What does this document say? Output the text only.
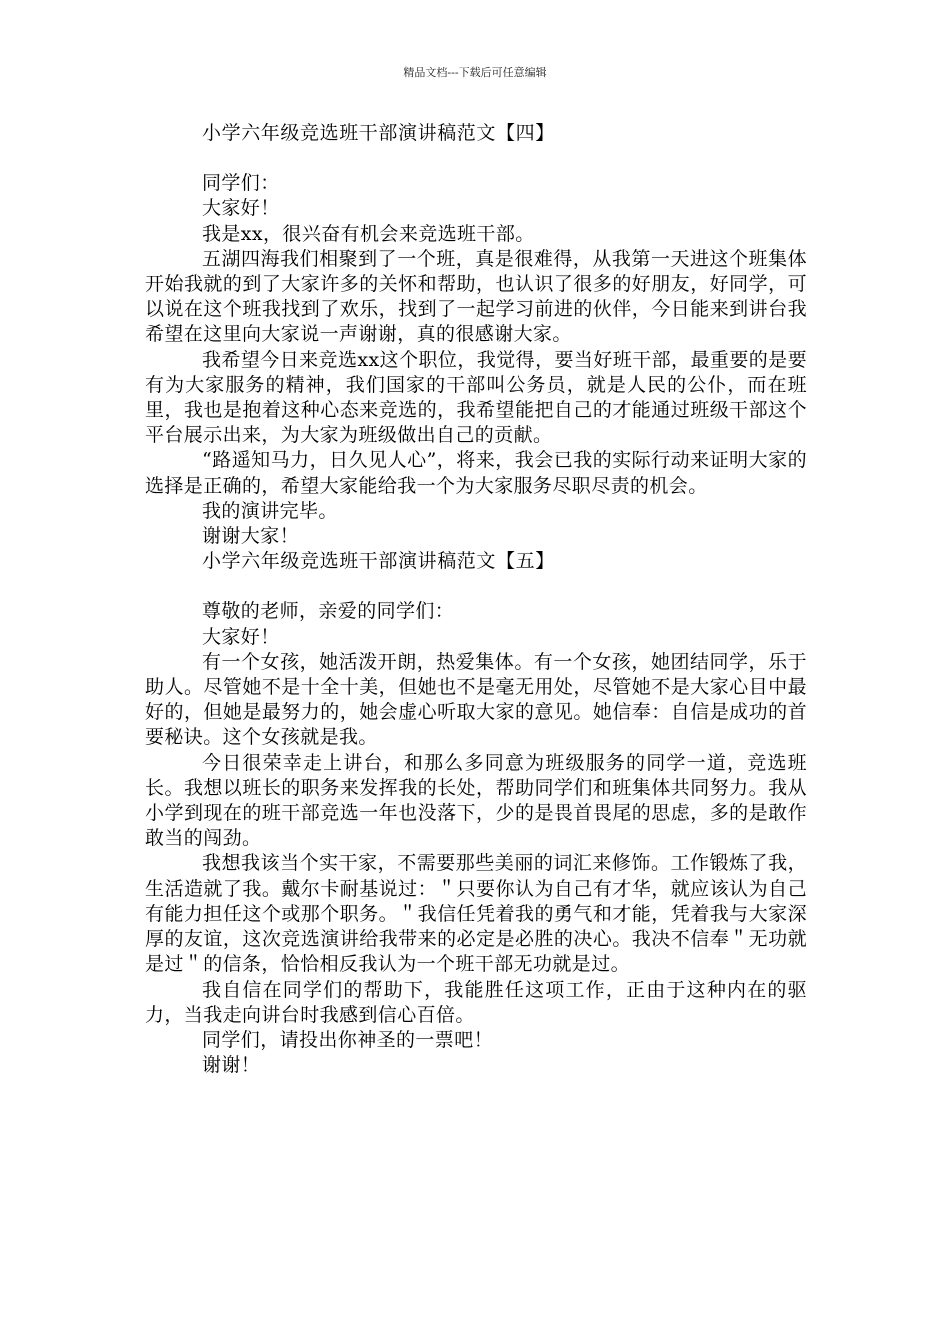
精品文档---下载后可任意编辑

小学六年级竞选班干部演讲稿范文【四】

同学们：

大家好！

我是xx，很兴奋有机会来竞选班干部。

五湖四海我们相聚到了一个班，真是很难得，从我第一天进这个班集体开始我就的到了大家许多的关怀和帮助，也认识了很多的好朋友，好同学，可以说在这个班我找到了欢乐，找到了一起学习前进的伙伴，今日能来到讲台我希望在这里向大家说一声谢谢，真的很感谢大家。

我希望今日来竞选xx这个职位，我觉得，要当好班干部，最重要的是要有为大家服务的精神，我们国家的干部叫公务员，就是人民的公仆，而在班里，我也是抱着这种心态来竞选的，我希望能把自己的才能通过班级干部这个平台展示出来，为大家为班级做出自己的贡献。

“路遥知马力，日久见人心”，将来，我会已我的实际行动来证明大家的选择是正确的，希望大家能给我一个为大家服务尽职尽责的机会。

我的演讲完毕。

谢谢大家！

小学六年级竞选班干部演讲稿范文【五】

尊敬的老师，亲爱的同学们：

大家好！

有一个女孩，她活泼开朗，热爱集体。有一个女孩，她团结同学，乐于助人。尽管她不是十全十美，但她也不是毫无用处，尽管她不是大家心目中最好的，但她是最努力的，她会虚心听取大家的意见。她信奉：自信是成功的首要秘诀。这个女孩就是我。

今日很荣幸走上讲台，和那么多同意为班级服务的同学一道，竞选班长。我想以班长的职务来发挥我的长处，帮助同学们和班集体共同努力。我从小学到现在的班干部竞选一年也没落下，少的是畏首畏尾的思虑，多的是敢作敢当的闯劲。

我想我该当个实干家，不需要那些美丽的词汇来修饰。工作锻炼了我，生活造就了我。戴尔卡耐基说过：＂只要你认为自己有才华，就应该认为自己有能力担任这个或那个职务。＂我信任凭着我的勇气和才能，凭着我与大家深厚的友谊，这次竞选演讲给我带来的必定是必胜的决心。我决不信奉＂无功就是过＂的信条，恰恰相反我认为一个班干部无功就是过。

我自信在同学们的帮助下，我能胜任这项工作，正由于这种内在的驱力，当我走向讲台时我感到信心百倍。

同学们，请投出你神圣的一票吧！

谢谢！
